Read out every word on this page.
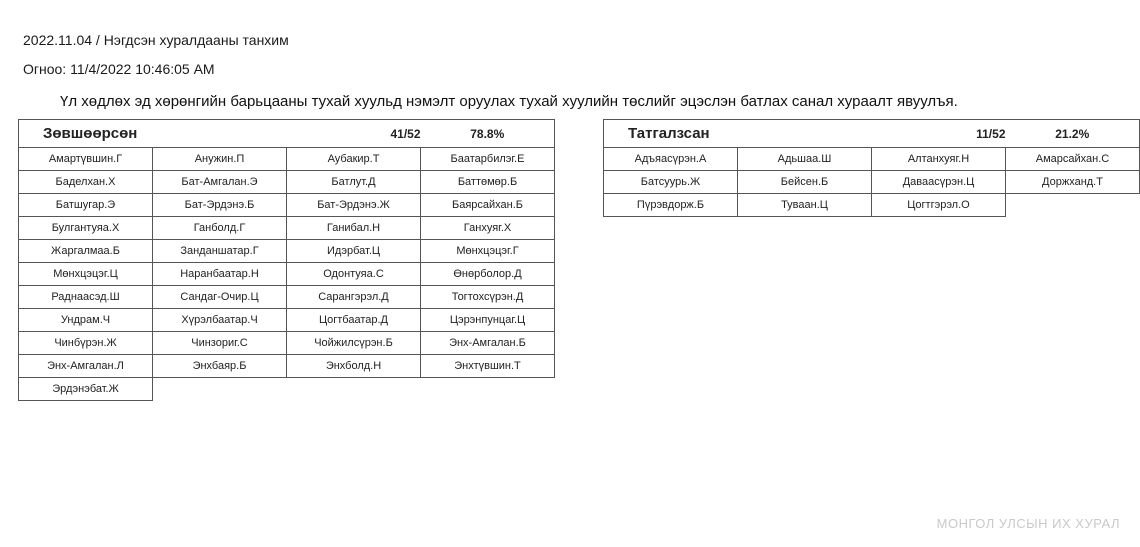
2022.11.04 / Нэгдсэн хуралдааны танхим
Огноо: 11/4/2022 10:46:05 AM
Үл хөдлөх эд хөрөнгийн барьцааны тухай хуульд нэмэлт оруулах тухай хуулийн төслийг эцэслэн батлах санал хураалт явуулъя.
Зөвшөөрсөн		41/52	78.8%
Амартүвшин.Г	Анужин.П	Аубакир.Т	Баатарбилэг.Е
Баделхан.Х	Бат-Амгалан.Э	Батлут.Д	Баттөмөр.Б
Батшугар.Э	Бат-Эрдэнэ.Б	Бат-Эрдэнэ.Ж	Баярсайхан.Б
Булгантуяа.Х	Ганболд.Г	Ганибал.Н	Ганхуяг.Х
Жаргалмаа.Б	Занданшатар.Г	Идэрбат.Ц	Мөнхцэцэг.Г
Мөнхцэцэг.Ц	Наранбаатар.Н	Одонтуяа.С	Өнөрболор.Д
Раднаасэд.Ш	Сандаг-Очир.Ц	Сарангэрэл.Д	Тогтохсүрэн.Д
Ундрам.Ч	Хүрэлбаатар.Ч	Цогтбаатар.Д	Цэрэнпунцаг.Ц
Чинбүрэн.Ж	Чинзориг.С	Чойжилсүрэн.Б	Энх-Амгалан.Б
Энх-Амгалан.Л	Энхбаяр.Б	Энхболд.Н	Энхтүвшин.Т
Эрдэнэбат.Ж			
Татгалзсан		11/52	21.2%
Адъяасүрэн.А	Адьшаа.Ш	Алтанхуяг.Н	Амарсайхан.С
Батсуурь.Ж	Бейсен.Б	Даваасүрэн.Ц	Доржханд.Т
Пүрэвдорж.Б	Туваан.Ц	Цогтгэрэл.О	
МОНГОЛ УЛСЫН ИХ ХУРАЛ
